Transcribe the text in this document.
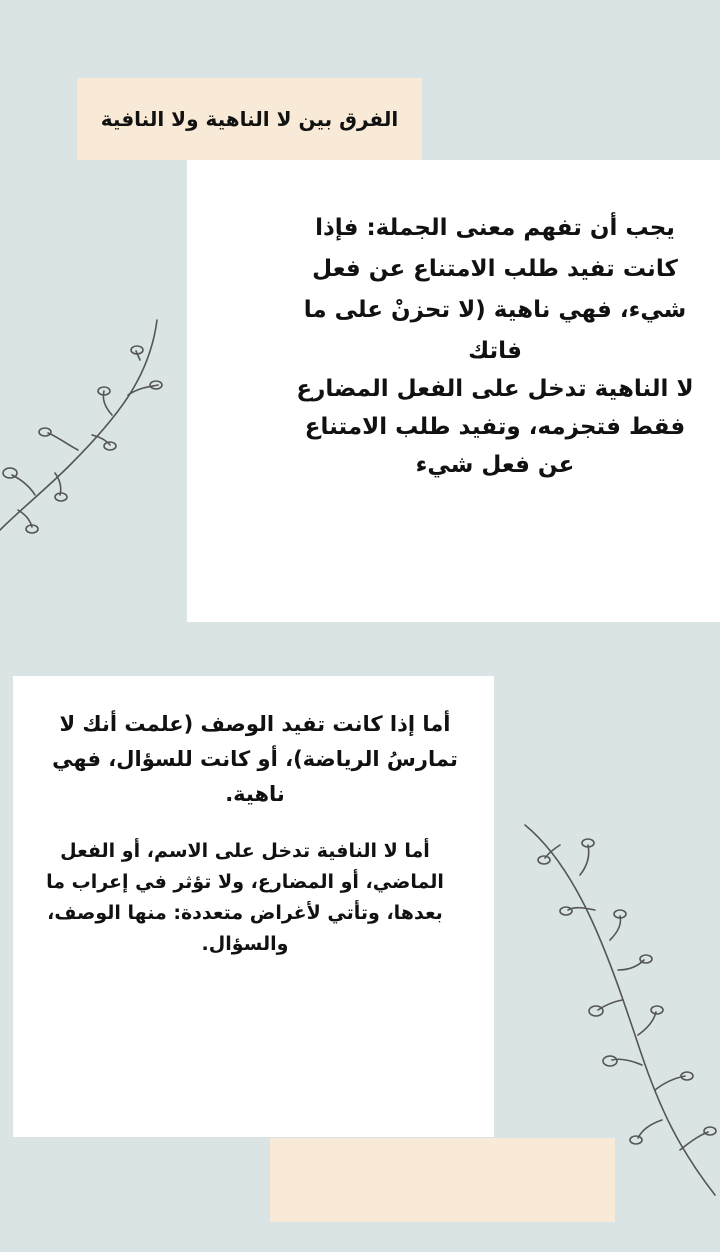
الفرق بين لا الناهية ولا النافية

يجب أن تفهم معنى الجملة: فإذا كانت تفيد طلب الامتناع عن فعل شيء، فهي ناهية (لا تحزنْ على ما فاتك

لا الناهية تدخل على الفعل المضارع فقط فتجزمه، وتفيد طلب الامتناع عن فعل شيء

أما إذا كانت تفيد الوصف (علمت أنك لا تمارسُ الرياضة)، أو كانت للسؤال، فهي ناهية.

أما لا النافية تدخل على الاسم، أو الفعل الماضي، أو المضارع، ولا تؤثر في إعراب ما بعدها، وتأتي لأغراض متعددة: منها الوصف، والسؤال.
